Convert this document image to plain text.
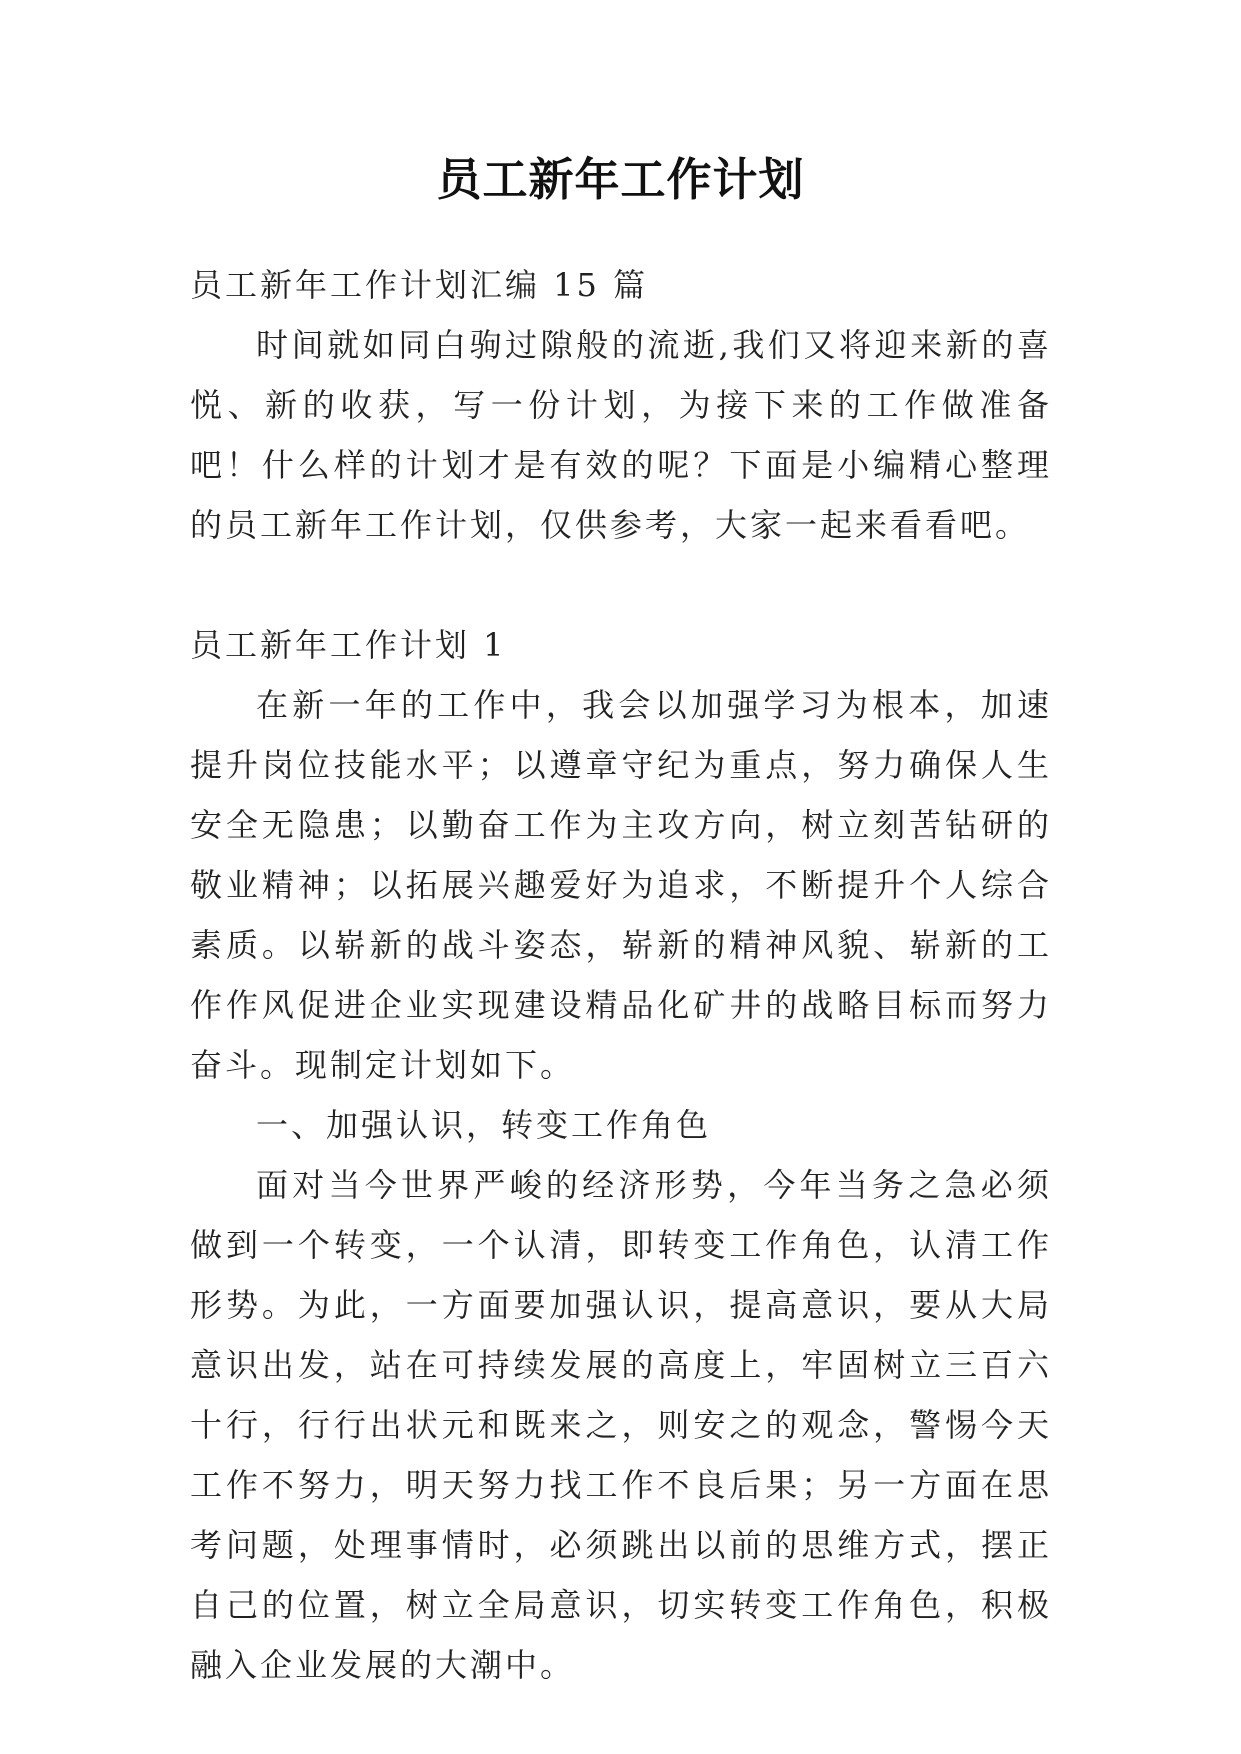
员工新年工作计划

员工新年工作计划汇编 15 篇

时间就如同白驹过隙般的流逝,我们又将迎来新的喜悦、新的收获，写一份计划，为接下来的工作做准备吧！什么样的计划才是有效的呢？下面是小编精心整理的员工新年工作计划，仅供参考，大家一起来看看吧。

员工新年工作计划 1

在新一年的工作中，我会以加强学习为根本，加速提升岗位技能水平；以遵章守纪为重点，努力确保人生安全无隐患；以勤奋工作为主攻方向，树立刻苦钻研的敬业精神；以拓展兴趣爱好为追求，不断提升个人综合素质。以崭新的战斗姿态，崭新的精神风貌、崭新的工作作风促进企业实现建设精品化矿井的战略目标而努力奋斗。现制定计划如下。

一、加强认识，转变工作角色

面对当今世界严峻的经济形势，今年当务之急必须做到一个转变，一个认清，即转变工作角色，认清工作形势。为此，一方面要加强认识，提高意识，要从大局意识出发，站在可持续发展的高度上，牢固树立三百六十行，行行出状元和既来之，则安之的观念，警惕今天工作不努力，明天努力找工作不良后果；另一方面在思考问题，处理事情时，必须跳出以前的思维方式，摆正自己的位置，树立全局意识，切实转变工作角色，积极融入企业发展的大潮中。
